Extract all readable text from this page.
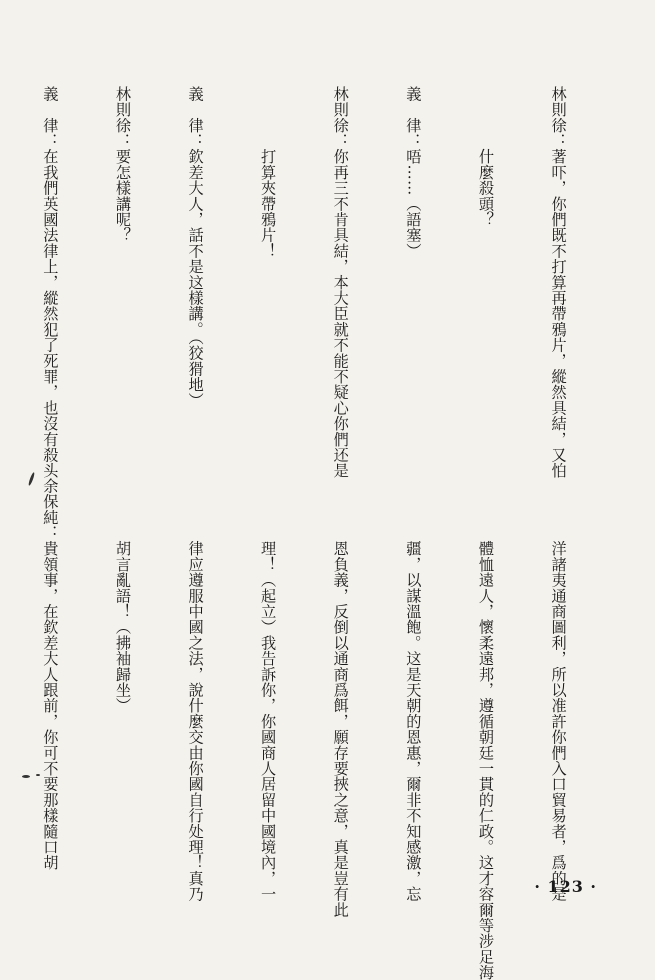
林則徐：著吓，你們既不打算再帶鴉片，縱然具結，又怕

　　　　什麼殺頭？

義　律：唔……（語塞）

林則徐：你再三不肯具結，本大臣就不能不疑心你們还是

　　　　打算夾帶鴉片！

義　律：欽差大人，話不是这樣講。（狡猾地）

林則徐：要怎樣講呢？

義　律：在我們英國法律上，縱然犯了死罪，也沒有殺头

　　　　洋諸夷通商圖利，所以准許你們入口貿易者，爲的是

　　　　體恤遠人，懷柔遠邦，遵循朝廷一貫的仁政。这才容爾等涉足海

　　　　疆，以謀溫飽。这是天朝的恩惠，爾非不知感激，忘

　　　　恩負義，反倒以通商爲餌，願存要挾之意，真是豈有此

　　　　理！（起立）我告訴你，你國商人居留中國境內，一

　　　　律应遵服中國之法，說什麼交由你國自行处理！真乃

　　　　胡言亂語！（拂袖歸坐）

余保純：貴領事，在欽差大人跟前，你可不要那樣隨口胡

· 123 ·
